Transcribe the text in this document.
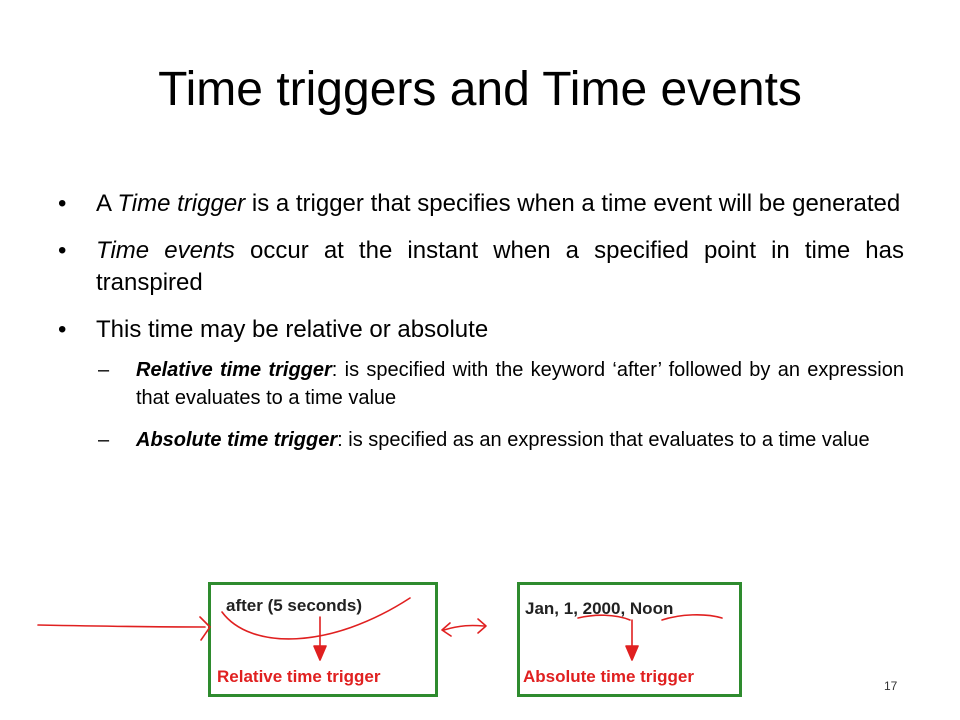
Time triggers and Time events
• A Time trigger is a trigger that specifies when a time event will be generated
• Time events occur at the instant when a specified point in time has transpired
• This time may be relative or absolute
– Relative time trigger: is specified with the keyword ‘after’ followed by an expression that evaluates to a time value
– Absolute time trigger: is specified as an expression that evaluates to a time value
after (5 seconds)	Jan, 1, 2000, Noon
Relative time trigger	Absolute time trigger	17
